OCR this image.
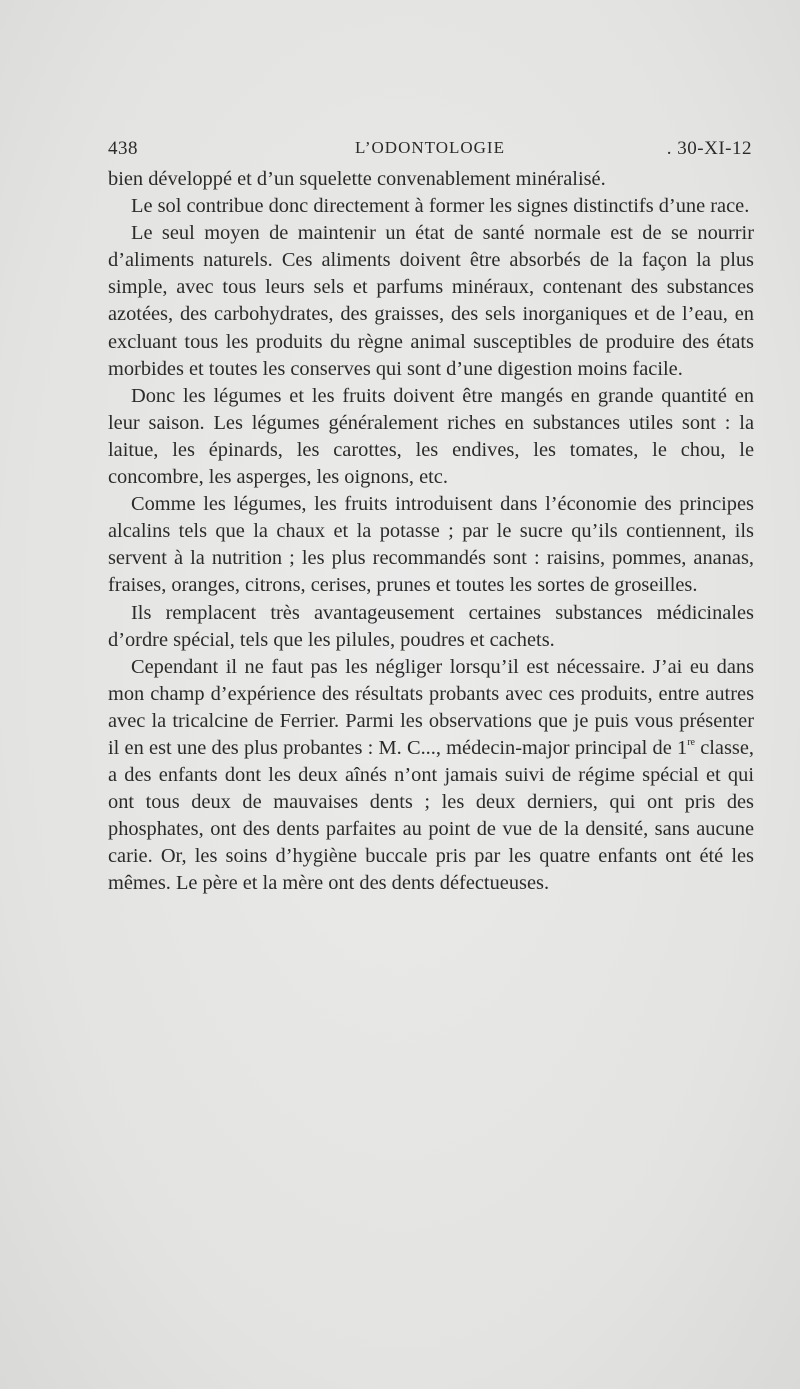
438	L’ODONTOLOGIE	. 30-XI-12

bien développé et d’un squelette convenablement minéralisé.

Le sol contribue donc directement à former les signes distinctifs d’une race.

Le seul moyen de maintenir un état de santé normale est de se nourrir d’aliments naturels. Ces aliments doivent être absorbés de la façon la plus simple, avec tous leurs sels et parfums minéraux, contenant des substances azotées, des carbohydrates, des graisses, des sels inorganiques et de l’eau, en excluant tous les produits du règne animal susceptibles de produire des états morbides et toutes les conserves qui sont d’une digestion moins facile.

Donc les légumes et les fruits doivent être mangés en grande quantité en leur saison. Les légumes généralement riches en substances utiles sont : la laitue, les épinards, les carottes, les endives, les tomates, le chou, le concombre, les asperges, les oignons, etc.

Comme les légumes, les fruits introduisent dans l’économie des principes alcalins tels que la chaux et la potasse ; par le sucre qu’ils contiennent, ils servent à la nutrition ; les plus recommandés sont : raisins, pommes, ananas, fraises, oranges, citrons, cerises, prunes et toutes les sortes de groseilles.

Ils remplacent très avantageusement certaines substances médicinales d’ordre spécial, tels que les pilules, poudres et cachets.

Cependant il ne faut pas les négliger lorsqu’il est nécessaire. J’ai eu dans mon champ d’expérience des résultats probants avec ces produits, entre autres avec la tricalcine de Ferrier. Parmi les observations que je puis vous présenter il en est une des plus probantes : M. C..., médecin-major principal de 1re classe, a des enfants dont les deux aînés n’ont jamais suivi de régime spécial et qui ont tous deux de mauvaises dents ; les deux derniers, qui ont pris des phosphates, ont des dents parfaites au point de vue de la densité, sans aucune carie. Or, les soins d’hygiène buccale pris par les quatre enfants ont été les mêmes. Le père et la mère ont des dents défectueuses.
